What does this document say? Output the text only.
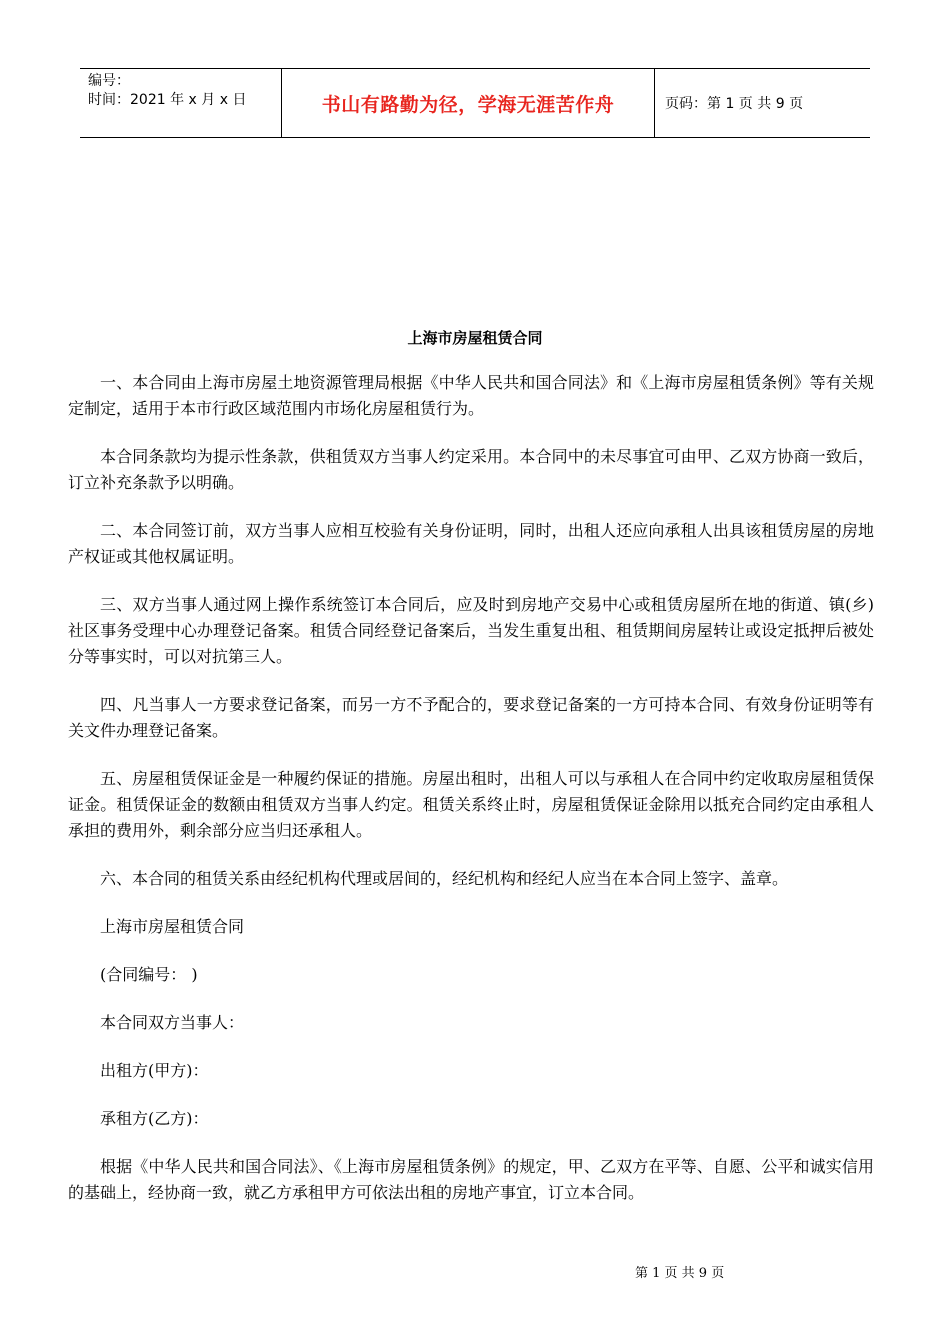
编号：
时间：2021 年 x 月 x 日	书山有路勤为径，学海无涯苦作舟	页码：第 1 页 共 9 页
上海市房屋租赁合同

一、本合同由上海市房屋土地资源管理局根据《中华人民共和国合同法》和《上海市房屋租赁条例》等有关规定制定，适用于本市行政区域范围内市场化房屋租赁行为。

本合同条款均为提示性条款，供租赁双方当事人约定采用。本合同中的未尽事宜可由甲、乙双方协商一致后，订立补充条款予以明确。

二、本合同签订前，双方当事人应相互校验有关身份证明，同时，出租人还应向承租人出具该租赁房屋的房地产权证或其他权属证明。

三、双方当事人通过网上操作系统签订本合同后，应及时到房地产交易中心或租赁房屋所在地的街道、镇(乡)社区事务受理中心办理登记备案。租赁合同经登记备案后，当发生重复出租、租赁期间房屋转让或设定抵押后被处分等事实时，可以对抗第三人。

四、凡当事人一方要求登记备案，而另一方不予配合的，要求登记备案的一方可持本合同、有效身份证明等有关文件办理登记备案。

五、房屋租赁保证金是一种履约保证的措施。房屋出租时，出租人可以与承租人在合同中约定收取房屋租赁保证金。租赁保证金的数额由租赁双方当事人约定。租赁关系终止时，房屋租赁保证金除用以抵充合同约定由承租人承担的费用外，剩余部分应当归还承租人。

六、本合同的租赁关系由经纪机构代理或居间的，经纪机构和经纪人应当在本合同上签字、盖章。

上海市房屋租赁合同

(合同编号： )

本合同双方当事人：

出租方(甲方)：

承租方(乙方)：

根据《中华人民共和国合同法》、《上海市房屋租赁条例》的规定，甲、乙双方在平等、自愿、公平和诚实信用的基础上，经协商一致，就乙方承租甲方可依法出租的房地产事宜，订立本合同。

第 1 页 共 9 页
